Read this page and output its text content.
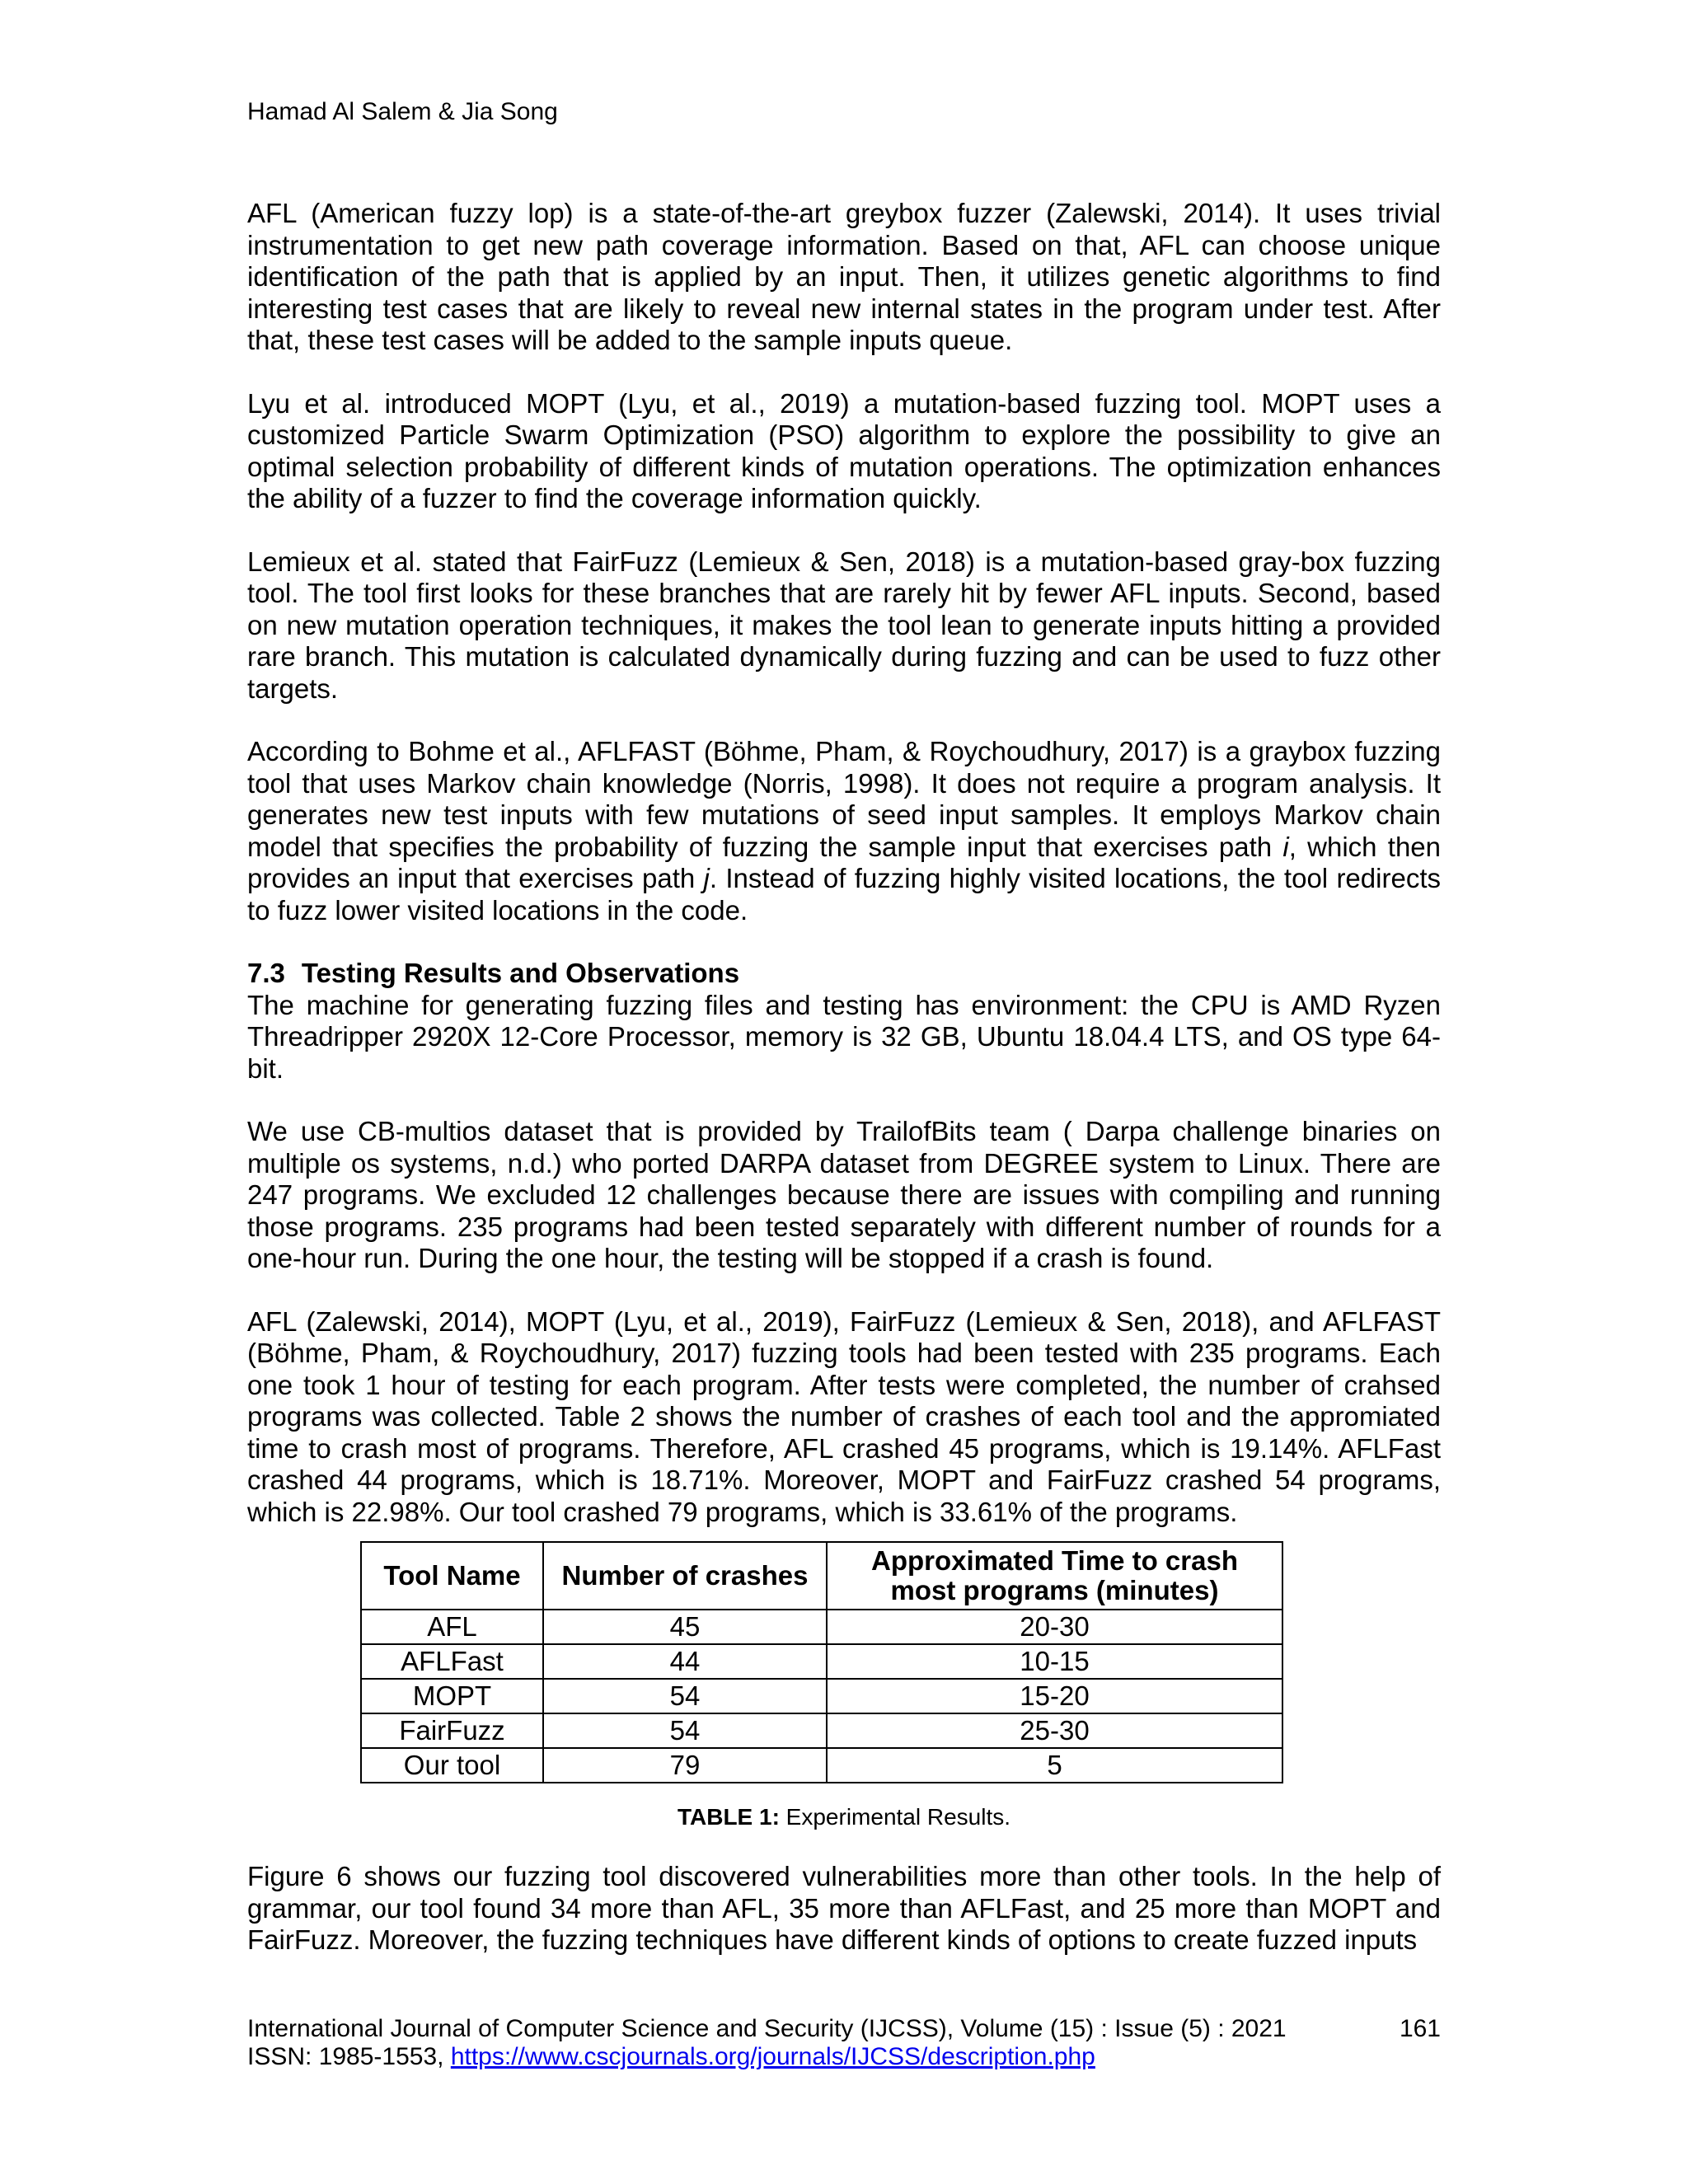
Hamad Al Salem & Jia Song

AFL (American fuzzy lop) is a state-of-the-art greybox fuzzer (Zalewski, 2014). It uses trivial instrumentation to get new path coverage information. Based on that, AFL can choose unique identification of the path that is applied by an input. Then, it utilizes genetic algorithms to find interesting test cases that are likely to reveal new internal states in the program under test. After that, these test cases will be added to the sample inputs queue.

Lyu et al. introduced MOPT (Lyu, et al., 2019) a mutation-based fuzzing tool. MOPT uses a customized Particle Swarm Optimization (PSO) algorithm to explore the possibility to give an optimal selection probability of different kinds of mutation operations. The optimization enhances the ability of a fuzzer to find the coverage information quickly.

Lemieux et al. stated that FairFuzz (Lemieux & Sen, 2018) is a mutation-based gray-box fuzzing tool. The tool first looks for these branches that are rarely hit by fewer AFL inputs. Second, based on new mutation operation techniques, it makes the tool lean to generate inputs hitting a provided rare branch. This mutation is calculated dynamically during fuzzing and can be used to fuzz other targets.

According to Bohme et al., AFLFAST (Böhme, Pham, & Roychoudhury, 2017) is a graybox fuzzing tool that uses Markov chain knowledge (Norris, 1998). It does not require a program analysis. It generates new test inputs with few mutations of seed input samples. It employs Markov chain model that specifies the probability of fuzzing the sample input that exercises path i, which then provides an input that exercises path j. Instead of fuzzing highly visited locations, the tool redirects to fuzz lower visited locations in the code.

7.3 Testing Results and Observations

The machine for generating fuzzing files and testing has environment: the CPU is AMD Ryzen Threadripper 2920X 12-Core Processor, memory is 32 GB, Ubuntu 18.04.4 LTS, and OS type 64-bit.

We use CB-multios dataset that is provided by TrailofBits team ( Darpa challenge binaries on multiple os systems, n.d.) who ported DARPA dataset from DEGREE system to Linux. There are 247 programs. We excluded 12 challenges because there are issues with compiling and running those programs. 235 programs had been tested separately with different number of rounds for a one-hour run. During the one hour, the testing will be stopped if a crash is found.

AFL (Zalewski, 2014), MOPT (Lyu, et al., 2019), FairFuzz (Lemieux & Sen, 2018), and AFLFAST (Böhme, Pham, & Roychoudhury, 2017) fuzzing tools had been tested with 235 programs. Each one took 1 hour of testing for each program. After tests were completed, the number of crahsed programs was collected. Table 2 shows the number of crashes of each tool and the appromiated time to crash most of programs. Therefore, AFL crashed 45 programs, which is 19.14%. AFLFast crashed 44 programs, which is 18.71%. Moreover, MOPT and FairFuzz crashed 54 programs, which is 22.98%. Our tool crashed 79 programs, which is 33.61% of the programs.

Tool Name	Number of crashes	Approximated Time to crash most programs (minutes)
AFL	45	20-30
AFLFast	44	10-15
MOPT	54	15-20
FairFuzz	54	25-30
Our tool	79	5
TABLE 1: Experimental Results.

Figure 6 shows our fuzzing tool discovered vulnerabilities more than other tools. In the help of grammar, our tool found 34 more than AFL, 35 more than AFLFast, and 25 more than MOPT and FairFuzz. Moreover, the fuzzing techniques have different kinds of options to create fuzzed inputs

International Journal of Computer Science and Security (IJCSS), Volume (15) : Issue (5) : 2021	161
ISSN: 1985-1553, https://www.cscjournals.org/journals/IJCSS/description.php
